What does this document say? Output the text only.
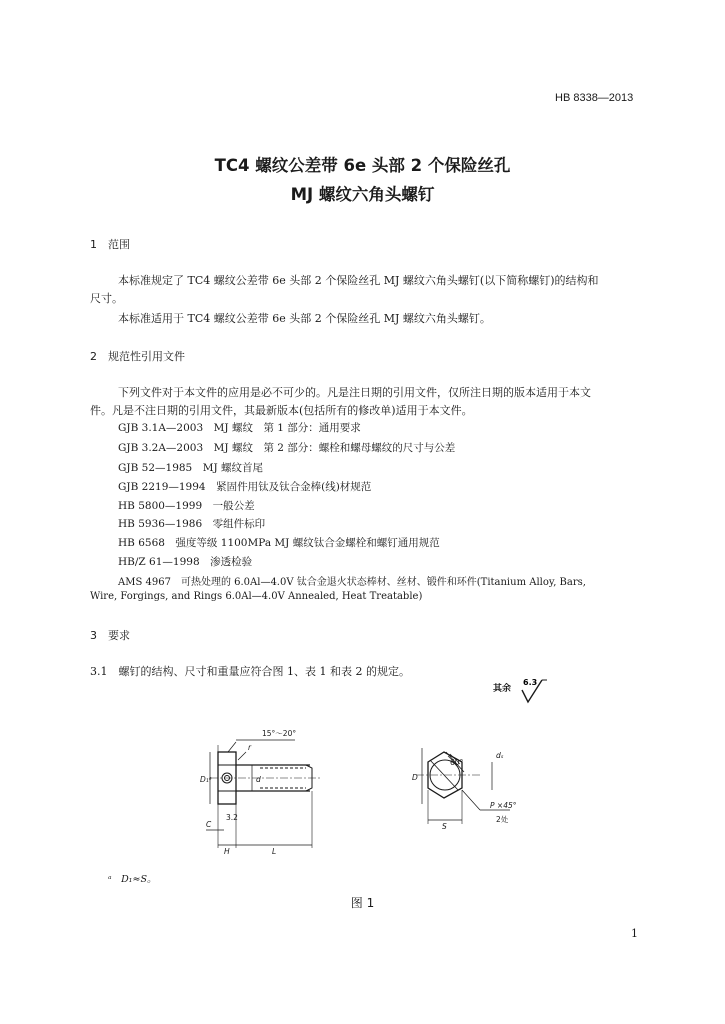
HB 8338—2013
TC4 螺纹公差带 6e 头部 2 个保险丝孔
MJ 螺纹六角头螺钉
1　范围
本标准规定了 TC4 螺纹公差带 6e 头部 2 个保险丝孔 MJ 螺纹六角头螺钉(以下简称螺钉)的结构和
尺寸。
本标准适用于 TC4 螺纹公差带 6e 头部 2 个保险丝孔 MJ 螺纹六角头螺钉。
2　规范性引用文件
下列文件对于本文件的应用是必不可少的。凡是注日期的引用文件，仅所注日期的版本适用于本文
件。凡是不注日期的引用文件，其最新版本(包括所有的修改单)适用于本文件。
GJB 3.1A—2003　MJ 螺纹　第 1 部分：通用要求
GJB 3.2A—2003　MJ 螺纹　第 2 部分：螺栓和螺母螺纹的尺寸与公差
GJB 52—1985　MJ 螺纹首尾
GJB 2219—1994　紧固件用钛及钛合金棒(线)材规范
HB 5800—1999　一般公差
HB 5936—1986　零组件标印
HB 6568　强度等级 1100MPa MJ 螺纹钛合金螺栓和螺钉通用规范
HB/Z 61—1998　渗透检验
AMS 4967　可热处理的 6.0Al—4.0V 钛合金退火状态棒材、丝材、锻件和环件(Titanium Alloy, Bars,
Wire, Forgings, and Rings 6.0Al—4.0V Annealed, Heat Treatable)
3　要求
3.1　螺钉的结构、尺寸和重量应符合图 1、表 1 和表 2 的规定。
其余
6.3
15°～20°
r
D₁ᵃ	d
3.2
C
H	L
D
60°
dₛ
S
P ×45°
2处
ᵃ　D₁≈S。
图 1
1
